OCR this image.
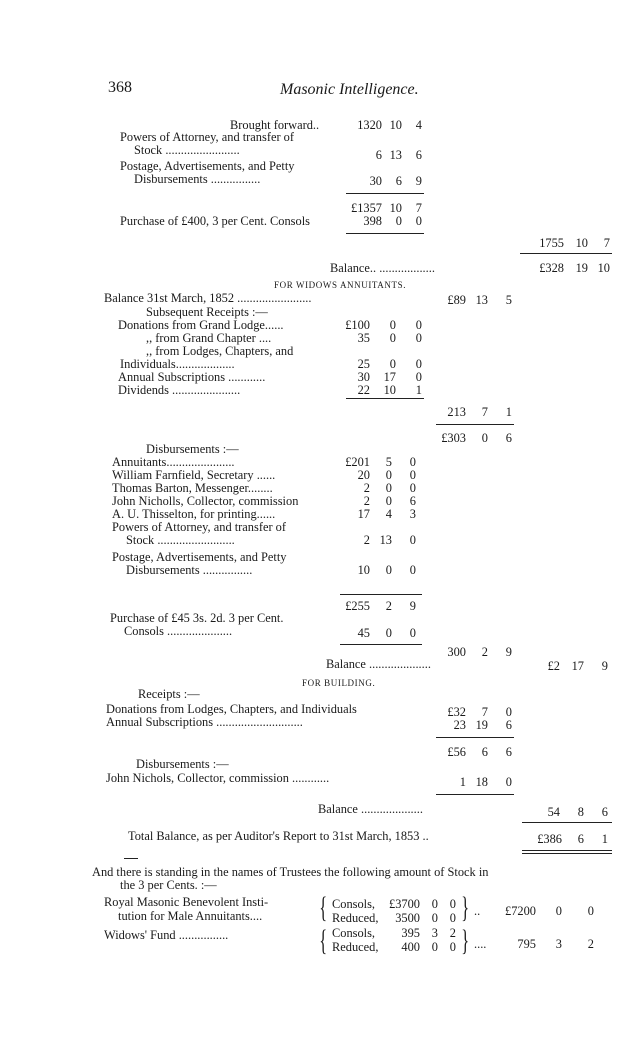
368	Masonic Intelligence.
Brought forward..	1320 10	4
Powers of Attorney, and transfer of
Stock ........................	6 13	6
Postage, Advertisements, and Petty
Disbursements ................	30	6	9
£1357 10	7
Purchase of £400, 3 per Cent. Consols	398	0	0
1755 10	7
Balance.. ..................	£328 19 10
FOR WIDOWS ANNUITANTS.
Balance 31st March, 1852 ........................	£89 13	5
Subsequent Receipts :—
Donations from Grand Lodge......	£100	0	0
,, from Grand Chapter ....	35	0	0
,, from Lodges, Chapters, and
Individuals...................	25	0	0
Annual Subscriptions ............	30 17	0
Dividends ......................	22 10	1
213	7	1
£303	0	6
Disbursements :—
Annuitants......................	£201	5	0
William Farnfield, Secretary ......	20	0	0
Thomas Barton, Messenger........	2	0	0
John Nicholls, Collector, commission	2	0	6
A. U. Thisselton, for printing......	17	4	3
Powers of Attorney, and transfer of
Stock .........................	2 13	0
Postage, Advertisements, and Petty
Disbursements ................	10	0	0
£255	2	9
Purchase of £45 3s. 2d. 3 per Cent.
Consols .....................	45	0	0
300	2	9
Balance ....................	£2 17	9
FOR BUILDING.
Receipts :—
Donations from Lodges, Chapters, and Individuals	£32	7	0
Annual Subscriptions ............................	23 19	6
£56	6	6
Disbursements :—
John Nichols, Collector, commission ............	1 18	0
Balance ....................	54	8	6
Total Balance, as per Auditor's Report to 31st March, 1853 ..	£386	6	1
And there is standing in the names of Trustees the following amount of Stock in
the 3 per Cents. :—
Royal Masonic Benevolent Insti-
tution for Male Annuitants.... { Consols,	£3700 0 0
Reduced,	3500 0 0 } ..	£7200	0	0
Widows' Fund ................	{ Consols,	395 3 2
Reduced,	400 0 0 } ....	795	3	2
